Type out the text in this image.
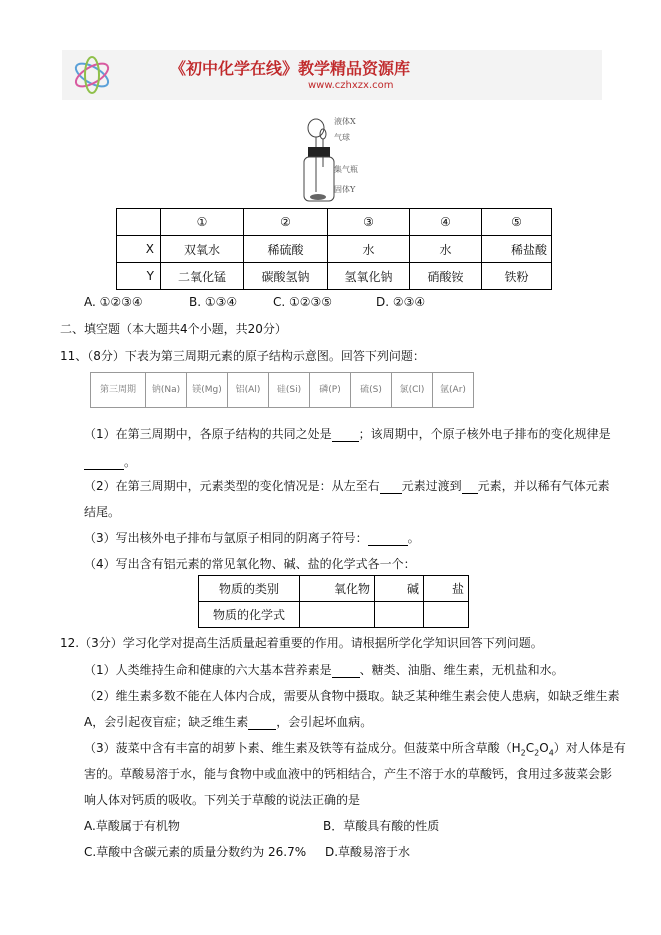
《初中化学在线》教学精品资源库
www.czhxzx.com
液体X
气球
集气瓶
固体Y
	①	②	③	④	⑤
X	双氧水	稀硫酸	水	水	稀盐酸
Y	二氧化锰	碳酸氢钠	氢氧化钠	硝酸铵	铁粉
A. ①②③④	B. ①③④	C. ①②③⑤	D. ②③④
二、填空题（本大题共4个小题，共20分）
11、（8分）下表为第三周期元素的原子结构示意图。回答下列问题：
第三周期	钠(Na)	镁(Mg)	铝(Al)	硅(Si)	磷(P)	硫(S)	氯(Cl)	氩(Ar)
（1）在第三周期中，各原子结构的共同之处是 ；该周期中，个原子核外电子排布的变化规律是
。
（2）在第三周期中，元素类型的变化情况是：从左至右 元素过渡到 元素，并以稀有气体元素
结尾。
（3）写出核外电子排布与氩原子相同的阴离子符号：	。
（4）写出含有铝元素的常见氧化物、碱、盐的化学式各一个：
物质的类别	氧化物	碱	盐
物质的化学式			
12.（3分）学习化学对提高生活质量起着重要的作用。请根据所学化学知识回答下列问题。
（1）人类维持生命和健康的六大基本营养素是 、糖类、油脂、维生素，无机盐和水。
（2）维生素多数不能在人体内合成，需要从食物中摄取。缺乏某种维生素会使人患病，如缺乏维生素
A，会引起夜盲症；缺乏维生素 ，会引起坏血病。
（3）菠菜中含有丰富的胡萝卜素、维生素及铁等有益成分。但菠菜中所含草酸$(H_2C_2O_4)$对人体是有
害的。草酸易溶于水，能与食物中或血液中的钙相结合，产生不溶于水的草酸钙，食用过多菠菜会影
响人体对钙质的吸收。下列关于草酸的说法正确的是
A.草酸属于有机物	B．草酸具有酸的性质
C.草酸中含碳元素的质量分数约为 26.7% D.草酸易溶于水
